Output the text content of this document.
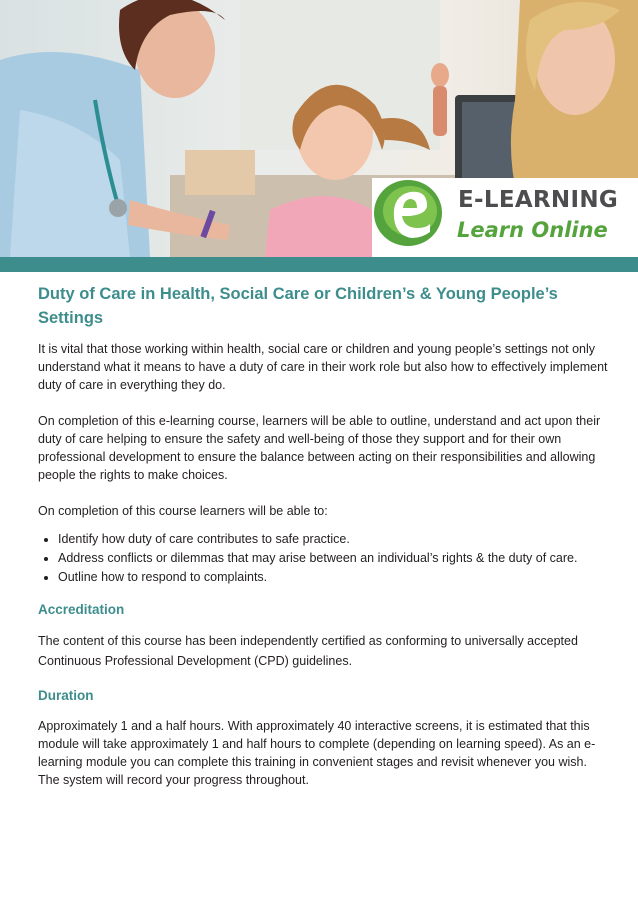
E-LEARNING
Learn Online
Duty of Care in Health, Social Care or Children’s & Young People’s Settings

It is vital that those working within health, social care or children and young people’s settings not only understand what it means to have a duty of care in their work role but also how to effectively implement duty of care in everything they do.

On completion of this e-learning course, learners will be able to outline, understand and act upon their duty of care helping to ensure the safety and well-being of those they support and for their own professional development to ensure the balance between acting on their responsibilities and allowing people the rights to make choices.

On completion of this course learners will be able to:

• Identify how duty of care contributes to safe practice.
• Address conflicts or dilemmas that may arise between an individual’s rights & the duty of care.
• Outline how to respond to complaints.
Accreditation

The content of this course has been independently certified as conforming to universally accepted Continuous Professional Development (CPD) guidelines.

Duration

Approximately 1 and a half hours. With approximately 40 interactive screens, it is estimated that this module will take approximately 1 and half hours to complete (depending on learning speed). As an e-learning module you can complete this training in convenient stages and revisit whenever you wish. The system will record your progress throughout.
